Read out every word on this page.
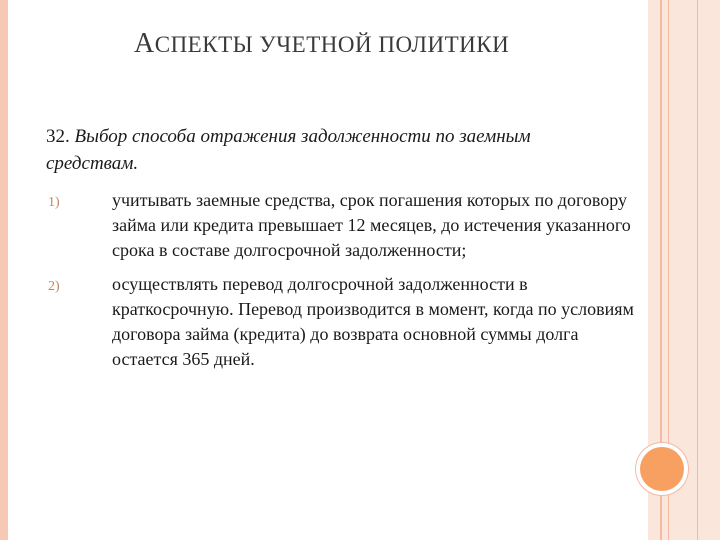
АСПЕКТЫ УЧЕТНОЙ ПОЛИТИКИ
32. Выбор способа отражения задолженности по заемным средствам.
1)	учитывать заемные средства, срок погашения которых по договору займа или кредита превышает 12 месяцев, до истечения указанного срока в составе долгосрочной задолженности;
2)	осуществлять перевод долгосрочной задолженности в краткосрочную. Перевод производится в момент, когда по условиям договора займа (кредита) до возврата основной суммы долга остается 365 дней.
